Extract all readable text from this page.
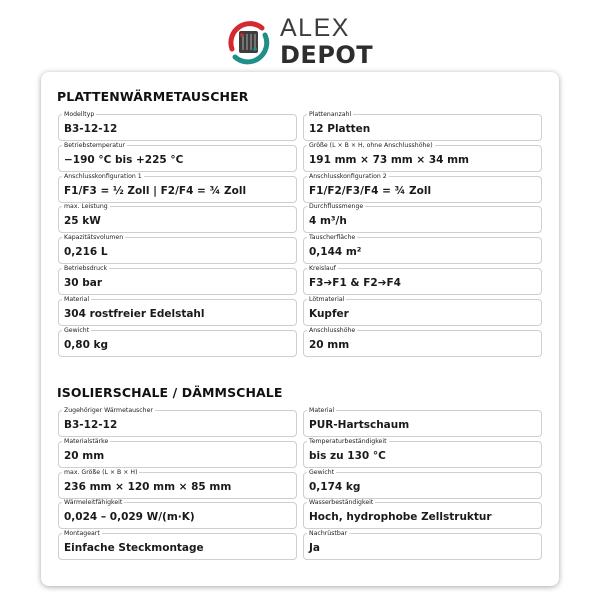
ALEX
DEPOT
PLATTENWÄRMETAUSCHER
Modelltyp
B3-12-12
Plattenanzahl
12 Platten
Betriebstemperatur
−190 °C bis +225 °C
Größe (L × B × H, ohne Anschlusshöhe)
191 mm × 73 mm × 34 mm
Anschlusskonfiguration 1
F1/F3 = ½ Zoll | F2/F4 = ¾ Zoll
Anschlusskonfiguration 2
F1/F2/F3/F4 = ¾ Zoll
max. Leistung
25 kW
Durchflussmenge
4 m³/h
Kapazitätsvolumen
0,216 L
Tauscherfläche
0,144 m²
Betriebsdruck
30 bar
Kreislauf
F3➔F1 & F2➔F4
Material
304 rostfreier Edelstahl
Lötmaterial
Kupfer
Gewicht
0,80 kg
Anschlusshöhe
20 mm
ISOLIERSCHALE / DÄMMSCHALE
Zugehöriger Wärmetauscher
B3-12-12
Material
PUR-Hartschaum
Materialstärke
20 mm
Temperaturbeständigkeit
bis zu 130 °C
max. Größe (L × B × H)
236 mm × 120 mm × 85 mm
Gewicht
0,174 kg
Wärmeleitfähigkeit
0,024 – 0,029 W/(m·K)
Wasserbeständigkeit
Hoch, hydrophobe Zellstruktur
Montageart
Einfache Steckmontage
Nachrüstbar
Ja
